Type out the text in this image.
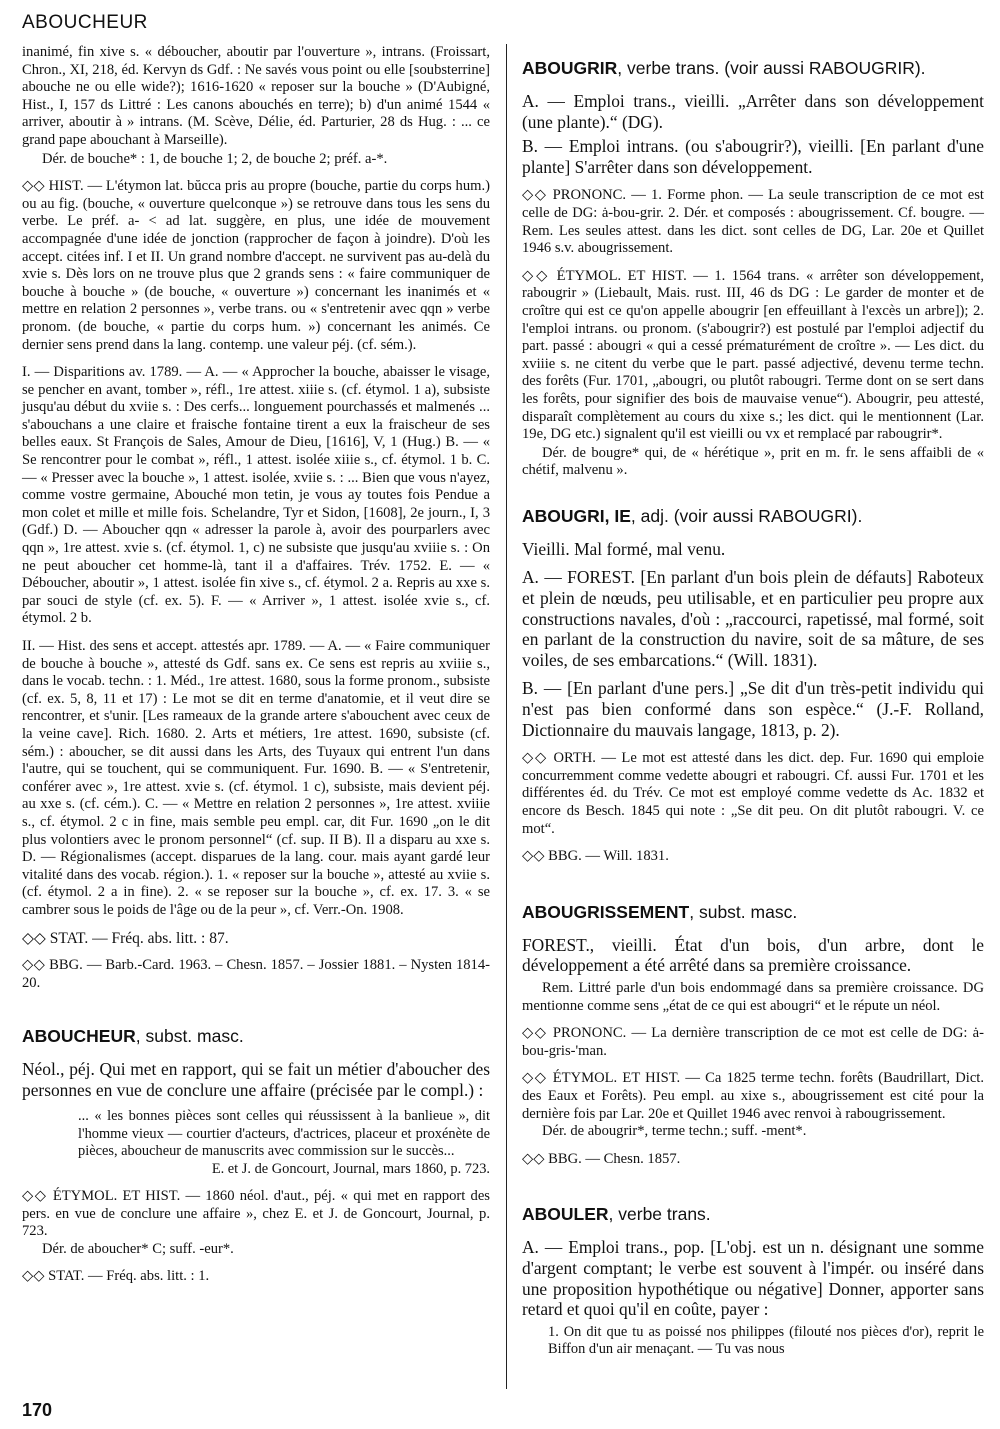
ABOUCHEUR

inanimé, fin xive s. « déboucher, aboutir par l'ouverture », intrans. (Froissart, Chron., XI, 218, éd. Kervyn ds Gdf. : Ne savés vous point ou elle [soubsterrine] abouche ne ou elle wide?); 1616-1620 « reposer sur la bouche » (D'Aubigné, Hist., I, 157 ds Littré : Les canons abouchés en terre); b) d'un animé 1544 « arriver, aboutir à » intrans. (M. Scève, Délie, éd. Parturier, 28 ds Hug. : ... ce grand pape abouchant à Marseille).

Dér. de bouche* : 1, de bouche 1; 2, de bouche 2; préf. a-*.

◇◇ HIST. — L'étymon lat. bŭcca pris au propre (bouche, partie du corps hum.) ou au fig. (bouche, « ouverture quelconque ») se retrouve dans tous les sens du verbe. Le préf. a- < ad lat. suggère, en plus, une idée de mouvement accompagnée d'une idée de jonction (rapprocher de façon à joindre). D'où les accept. citées inf. I et II. Un grand nombre d'accept. ne survivent pas au-delà du xvie s. Dès lors on ne trouve plus que 2 grands sens : « faire communiquer de bouche à bouche » (de bouche, « ouverture ») concernant les inanimés et « mettre en relation 2 personnes », verbe trans. ou « s'entretenir avec qqn » verbe pronom. (de bouche, « partie du corps hum. ») concernant les animés. Ce dernier sens prend dans la lang. contemp. une valeur péj. (cf. sém.).

I. — Disparitions av. 1789. — A. — « Approcher la bouche, abaisser le visage, se pencher en avant, tomber », réfl., 1re attest. xiiie s. (cf. étymol. 1 a), subsiste jusqu'au début du xviie s. : Des cerfs... longuement pourchassés et malmenés ... s'abouchans a une claire et fraische fontaine tirent a eux la fraischeur de ses belles eaux. St François de Sales, Amour de Dieu, [1616], V, 1 (Hug.) B. — « Se rencontrer pour le combat », réfl., 1 attest. isolée xiiie s., cf. étymol. 1 b. C. — « Presser avec la bouche », 1 attest. isolée, xviie s. : ... Bien que vous n'ayez, comme vostre germaine, Abouché mon tetin, je vous ay toutes fois Pendue a mon colet et mille et mille fois. Schelandre, Tyr et Sidon, [1608], 2e journ., I, 3 (Gdf.) D. — Aboucher qqn « adresser la parole à, avoir des pourparlers avec qqn », 1re attest. xvie s. (cf. étymol. 1, c) ne subsiste que jusqu'au xviiie s. : On ne peut aboucher cet homme-là, tant il a d'affaires. Trév. 1752. E. — « Déboucher, aboutir », 1 attest. isolée fin xive s., cf. étymol. 2 a. Repris au xxe s. par souci de style (cf. ex. 5). F. — « Arriver », 1 attest. isolée xvie s., cf. étymol. 2 b.

II. — Hist. des sens et accept. attestés apr. 1789. — A. — « Faire communiquer de bouche à bouche », attesté ds Gdf. sans ex. Ce sens est repris au xviiie s., dans le vocab. techn. : 1. Méd., 1re attest. 1680, sous la forme pronom., subsiste (cf. ex. 5, 8, 11 et 17) : Le mot se dit en terme d'anatomie, et il veut dire se rencontrer, et s'unir. [Les rameaux de la grande artere s'abouchent avec ceux de la veine cave]. Rich. 1680. 2. Arts et métiers, 1re attest. 1690, subsiste (cf. sém.) : aboucher, se dit aussi dans les Arts, des Tuyaux qui entrent l'un dans l'autre, qui se touchent, qui se communiquent. Fur. 1690. B. — « S'entretenir, conférer avec », 1re attest. xvie s. (cf. étymol. 1 c), subsiste, mais devient péj. au xxe s. (cf. cém.). C. — « Mettre en relation 2 personnes », 1re attest. xviiie s., cf. étymol. 2 c in fine, mais semble peu empl. car, dit Fur. 1690 „on le dit plus volontiers avec le pronom personnel“ (cf. sup. II B). Il a disparu au xxe s. D. — Régionalismes (accept. disparues de la lang. cour. mais ayant gardé leur vitalité dans des vocab. région.). 1. « reposer sur la bouche », attesté au xviie s. (cf. étymol. 2 a in fine). 2. « se reposer sur la bouche », cf. ex. 17. 3. « se cambrer sous le poids de l'âge ou de la peur », cf. Verr.-On. 1908.

◇◇ STAT. — Fréq. abs. litt. : 87.

◇◇ BBG. — Barb.-Card. 1963. – Chesn. 1857. – Jossier 1881. – Nysten 1814-20.

ABOUCHEUR, subst. masc.

Néol., péj. Qui met en rapport, qui se fait un métier d'aboucher des personnes en vue de conclure une affaire (précisée par le compl.) :

... « les bonnes pièces sont celles qui réussissent à la banlieue », dit l'homme vieux — courtier d'acteurs, d'actrices, placeur et proxénète de pièces, aboucheur de manuscrits avec commission sur le succès...

E. et J. de Goncourt, Journal, mars 1860, p. 723.

◇◇ ÉTYMOL. ET HIST. — 1860 néol. d'aut., péj. « qui met en rapport des pers. en vue de conclure une affaire », chez E. et J. de Goncourt, Journal, p. 723.

Dér. de aboucher* C; suff. -eur*.

◇◇ STAT. — Fréq. abs. litt. : 1.

ABOUGRIR, verbe trans. (voir aussi RABOUGRIR).

A. — Emploi trans., vieilli. „Arrêter dans son développement (une plante).“ (DG).

B. — Emploi intrans. (ou s'abougrir?), vieilli. [En parlant d'une plante] S'arrêter dans son développement.

◇◇ PRONONC. — 1. Forme phon. — La seule transcription de ce mot est celle de DG: ȧ-bou-grir. 2. Dér. et composés : abougrissement. Cf. bougre. — Rem. Les seules attest. dans les dict. sont celles de DG, Lar. 20e et Quillet 1946 s.v. abougrissement.

◇◇ ÉTYMOL. ET HIST. — 1. 1564 trans. « arrêter son développement, rabougrir » (Liebault, Mais. rust. III, 46 ds DG : Le garder de monter et de croître qui est ce qu'on appelle abougrir [en effeuillant à l'excès un arbre]); 2. l'emploi intrans. ou pronom. (s'abougrir?) est postulé par l'emploi adjectif du part. passé : abougri « qui a cessé prématurément de croître ». — Les dict. du xviiie s. ne citent du verbe que le part. passé adjectivé, devenu terme techn. des forêts (Fur. 1701, „abougri, ou plutôt rabougri. Terme dont on se sert dans les forêts, pour signifier des bois de mauvaise venue“). Abougrir, peu attesté, disparaît complètement au cours du xixe s.; les dict. qui le mentionnent (Lar. 19e, DG etc.) signalent qu'il est vieilli ou vx et remplacé par rabougrir*.

Dér. de bougre* qui, de « hérétique », prit en m. fr. le sens affaibli de « chétif, malvenu ».

ABOUGRI, IE, adj. (voir aussi RABOUGRI).

Vieilli. Mal formé, mal venu.

A. — FOREST. [En parlant d'un bois plein de défauts] Raboteux et plein de nœuds, peu utilisable, et en particulier peu propre aux constructions navales, d'où : „raccourci, rapetissé, mal formé, soit en parlant de la construction du navire, soit de sa mâture, de ses voiles, de ses embarcations.“ (Will. 1831).

B. — [En parlant d'une pers.] „Se dit d'un très-petit individu qui n'est pas bien conformé dans son espèce.“ (J.-F. Rolland, Dictionnaire du mauvais langage, 1813, p. 2).

◇◇ ORTH. — Le mot est attesté dans les dict. dep. Fur. 1690 qui emploie concurremment comme vedette abougri et rabougri. Cf. aussi Fur. 1701 et les différentes éd. du Trév. Ce mot est employé comme vedette ds Ac. 1832 et encore ds Besch. 1845 qui note : „Se dit peu. On dit plutôt rabougri. V. ce mot“.

◇◇ BBG. — Will. 1831.

ABOUGRISSEMENT, subst. masc.

FOREST., vieilli. État d'un bois, d'un arbre, dont le développement a été arrêté dans sa première croissance.

Rem. Littré parle d'un bois endommagé dans sa première croissance. DG mentionne comme sens „état de ce qui est abougri“ et le répute un néol.

◇◇ PRONONC. — La dernière transcription de ce mot est celle de DG: ȧ-bou-gris-'man.

◇◇ ÉTYMOL. ET HIST. — Ca 1825 terme techn. forêts (Baudrillart, Dict. des Eaux et Forêts). Peu empl. au xixe s., abougrissement est cité pour la dernière fois par Lar. 20e et Quillet 1946 avec renvoi à rabougrissement.

Dér. de abougrir*, terme techn.; suff. -ment*.

◇◇ BBG. — Chesn. 1857.

ABOULER, verbe trans.

A. — Emploi trans., pop. [L'obj. est un n. désignant une somme d'argent comptant; le verbe est souvent à l'impér. ou inséré dans une proposition hypothétique ou négative] Donner, apporter sans retard et quoi qu'il en coûte, payer :

1. On dit que tu as poissé nos philippes (filouté nos pièces d'or), reprit le Biffon d'un air menaçant. — Tu vas nous

170
